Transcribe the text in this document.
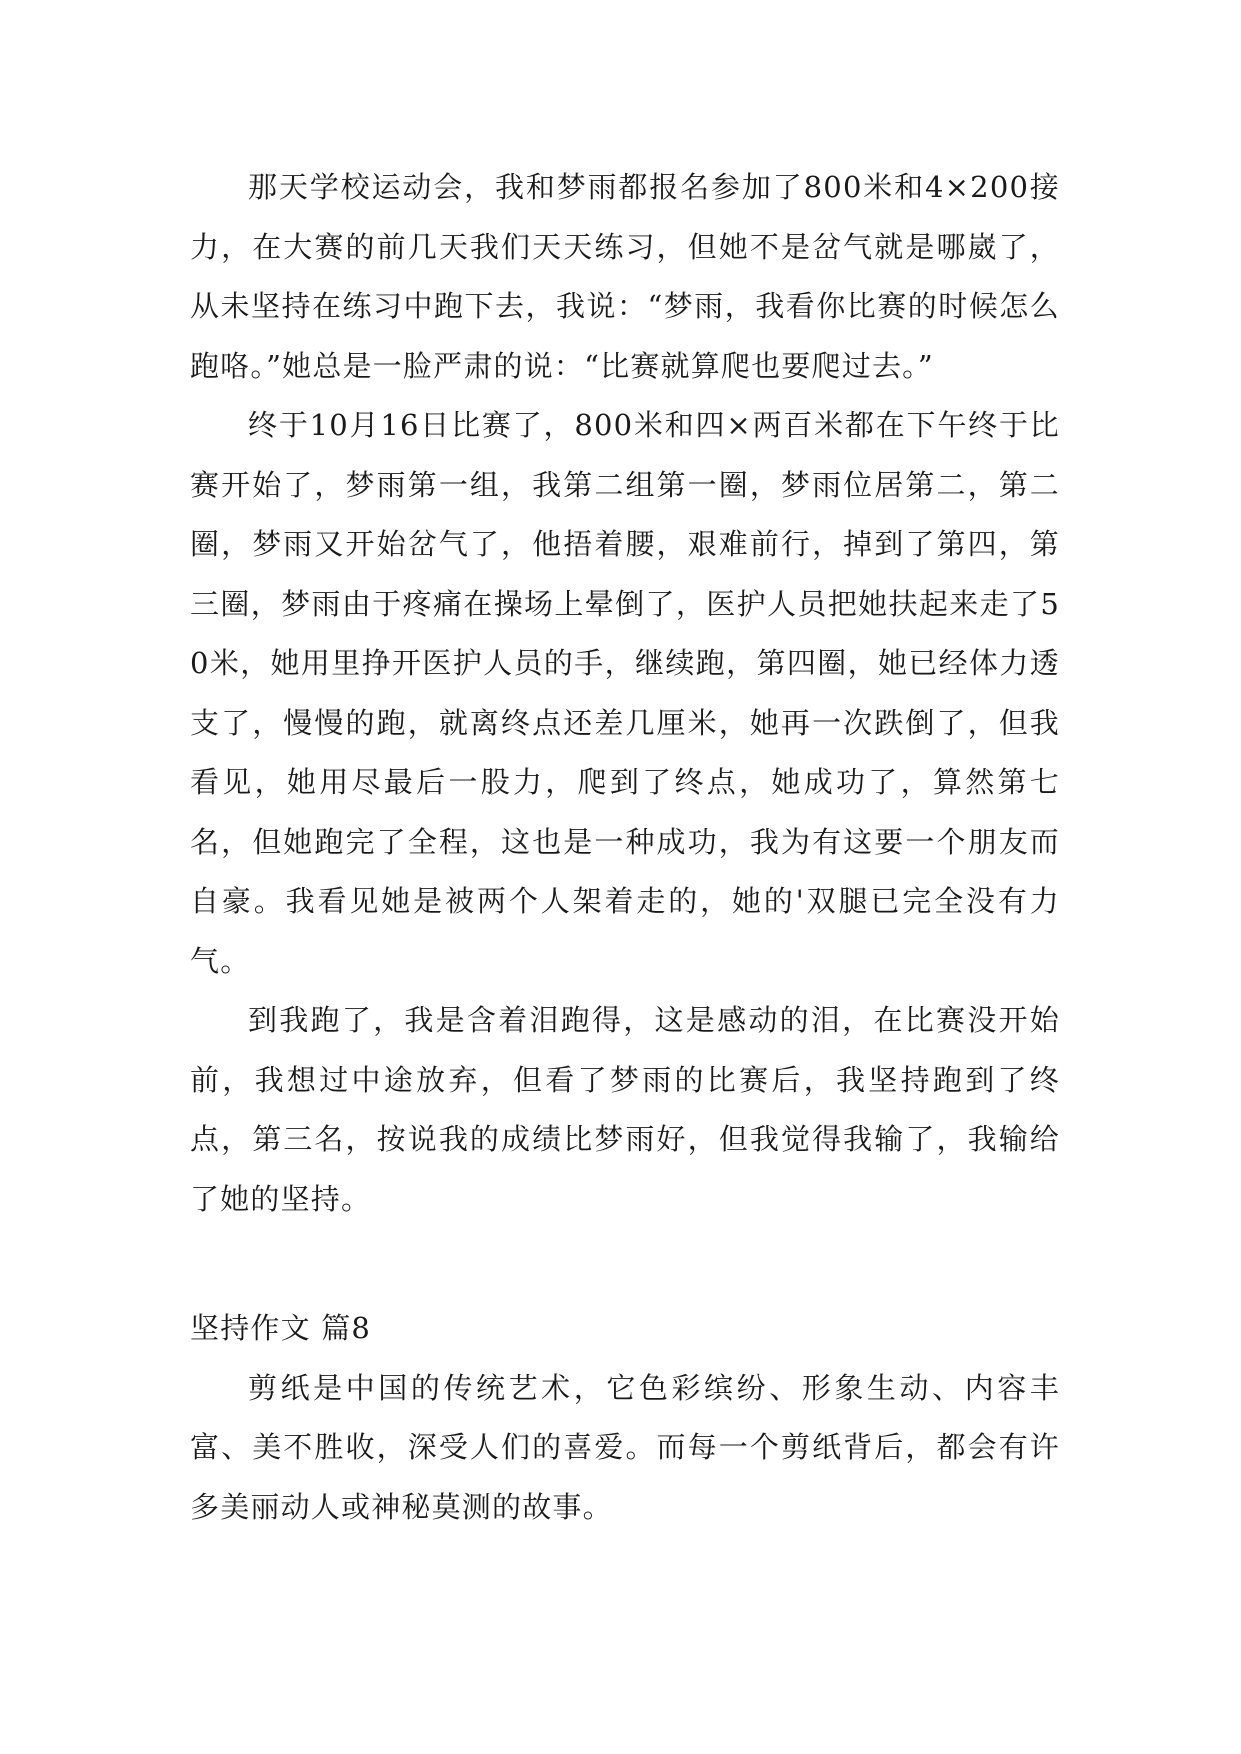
那天学校运动会，我和梦雨都报名参加了800米和4×200接力，在大赛的前几天我们天天练习，但她不是岔气就是哪崴了，从未坚持在练习中跑下去，我说：“梦雨，我看你比赛的时候怎么跑咯。”她总是一脸严肃的说：“比赛就算爬也要爬过去。”

终于10月16日比赛了，800米和四×两百米都在下午终于比赛开始了，梦雨第一组，我第二组第一圈，梦雨位居第二，第二圈，梦雨又开始岔气了，他捂着腰，艰难前行，掉到了第四，第三圈，梦雨由于疼痛在操场上晕倒了，医护人员把她扶起来走了50米，她用里挣开医护人员的手，继续跑，第四圈，她已经体力透支了，慢慢的跑，就离终点还差几厘米，她再一次跌倒了，但我看见，她用尽最后一股力，爬到了终点，她成功了，算然第七名，但她跑完了全程，这也是一种成功，我为有这要一个朋友而自豪。我看见她是被两个人架着走的，她的'双腿已完全没有力气。

到我跑了，我是含着泪跑得，这是感动的泪，在比赛没开始前，我想过中途放弃，但看了梦雨的比赛后，我坚持跑到了终点，第三名，按说我的成绩比梦雨好，但我觉得我输了，我输给了她的坚持。

坚持作文 篇8

剪纸是中国的传统艺术，它色彩缤纷、形象生动、内容丰富、美不胜收，深受人们的喜爱。而每一个剪纸背后，都会有许多美丽动人或神秘莫测的故事。
